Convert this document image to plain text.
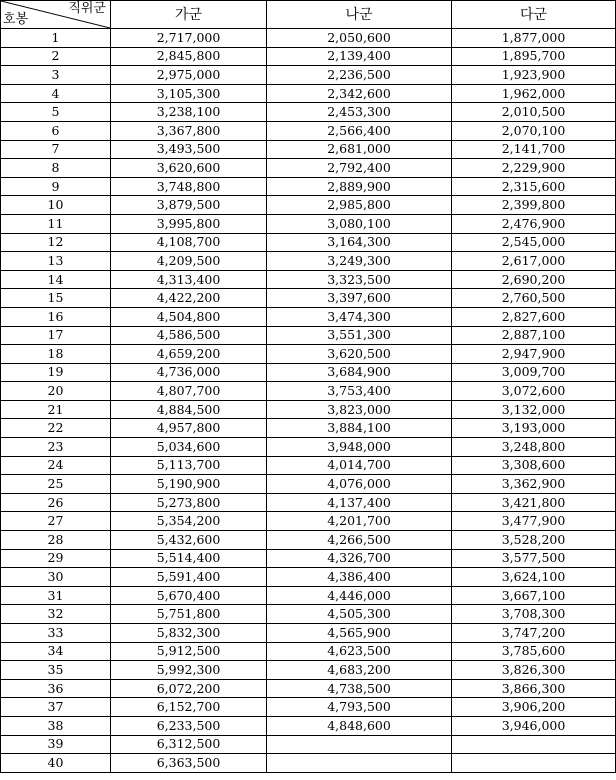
직위군
호봉	가군	나군	다군
1	2,717,000	2,050,600	1,877,000
2	2,845,800	2,139,400	1,895,700
3	2,975,000	2,236,500	1,923,900
4	3,105,300	2,342,600	1,962,000
5	3,238,100	2,453,300	2,010,500
6	3,367,800	2,566,400	2,070,100
7	3,493,500	2,681,000	2,141,700
8	3,620,600	2,792,400	2,229,900
9	3,748,800	2,889,900	2,315,600
10	3,879,500	2,985,800	2,399,800
11	3,995,800	3,080,100	2,476,900
12	4,108,700	3,164,300	2,545,000
13	4,209,500	3,249,300	2,617,000
14	4,313,400	3,323,500	2,690,200
15	4,422,200	3,397,600	2,760,500
16	4,504,800	3,474,300	2,827,600
17	4,586,500	3,551,300	2,887,100
18	4,659,200	3,620,500	2,947,900
19	4,736,000	3,684,900	3,009,700
20	4,807,700	3,753,400	3,072,600
21	4,884,500	3,823,000	3,132,000
22	4,957,800	3,884,100	3,193,000
23	5,034,600	3,948,000	3,248,800
24	5,113,700	4,014,700	3,308,600
25	5,190,900	4,076,000	3,362,900
26	5,273,800	4,137,400	3,421,800
27	5,354,200	4,201,700	3,477,900
28	5,432,600	4,266,500	3,528,200
29	5,514,400	4,326,700	3,577,500
30	5,591,400	4,386,400	3,624,100
31	5,670,400	4,446,000	3,667,100
32	5,751,800	4,505,300	3,708,300
33	5,832,300	4,565,900	3,747,200
34	5,912,500	4,623,500	3,785,600
35	5,992,300	4,683,200	3,826,300
36	6,072,200	4,738,500	3,866,300
37	6,152,700	4,793,500	3,906,200
38	6,233,500	4,848,600	3,946,000
39	6,312,500		
40	6,363,500		
